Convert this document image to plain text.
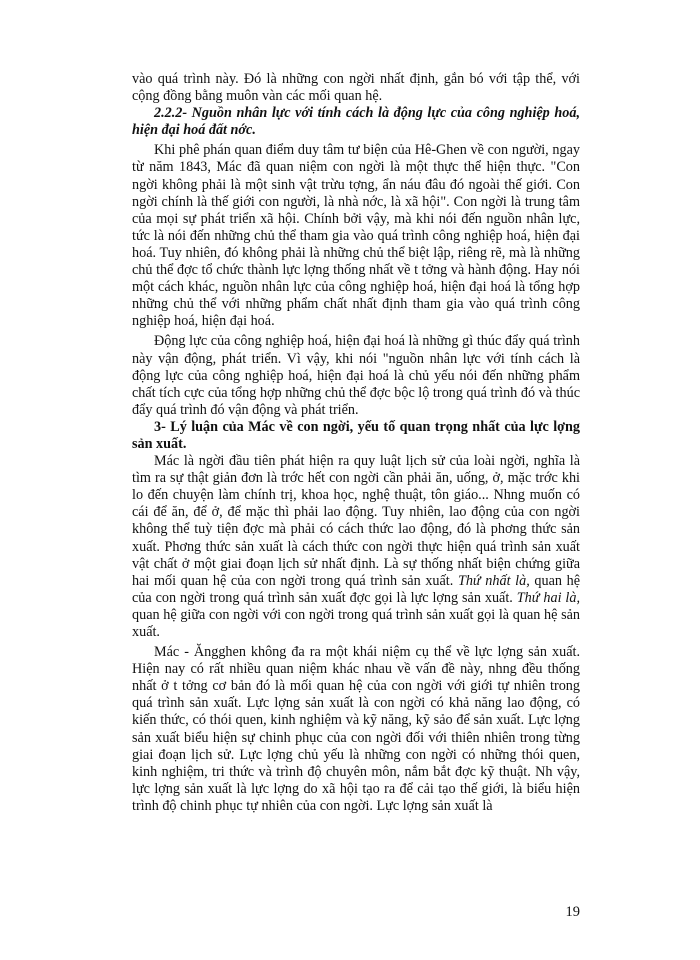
vào quá trình này. Đó là những con ngời nhất định, gắn bó với tập thể, với cộng đồng bằng muôn vàn các mối quan hệ.

2.2.2- Nguồn nhân lực với tính cách là động lực của công nghiệp hoá, hiện đại hoá đất nớc.

Khi phê phán quan điểm duy tâm tư biện của Hê-Ghen về con người, ngay từ năm 1843, Mác đã quan niệm con ngời là một thực thể hiện thực. "Con ngời không phải là một sinh vật trừu tợng, ẩn náu đâu đó ngoài thế giới. Con ngời chính là thế giới con người, là nhà nớc, là xã hội". Con ngời là trung tâm của mọi sự phát triển xã hội. Chính bởi vậy, mà khi nói đến nguồn nhân lực, tức là nói đến những chủ thể tham gia vào quá trình công nghiệp hoá, hiện đại hoá. Tuy nhiên, đó không phải là những chủ thể biệt lập, riêng rẽ, mà là những chủ thể đợc tổ chức thành lực lợng thống nhất về t tởng và hành động. Hay nói một cách khác, nguồn nhân lực của công nghiệp hoá, hiện đại hoá là tổng hợp những chủ thể với những phẩm chất nhất định tham gia vào quá trình công nghiệp hoá, hiện đại hoá.

Động lực của công nghiệp hoá, hiện đại hoá là những gì thúc đẩy quá trình này vận động, phát triển. Vì vậy, khi nói "nguồn nhân lực với tính cách là động lực của công nghiệp hoá, hiện đại hoá là chủ yếu nói đến những phẩm chất tích cực của tổng hợp những chủ thể đợc bộc lộ trong quá trình đó và thúc đẩy quá trình đó vận động và phát triển.

3- Lý luận của Mác về con ngời, yếu tố quan trọng nhất của lực lợng sản xuất.

Mác là ngời đầu tiên phát hiện ra quy luật lịch sử của loài ngời, nghĩa là tìm ra sự thật giản đơn là trớc hết con ngời cần phải ăn, uống, ở, mặc trớc khi lo đến chuyện làm chính trị, khoa học, nghệ thuật, tôn giáo... Nhng muốn có cái để ăn, để ở, để mặc thì phải lao động. Tuy nhiên, lao động của con ngời không thể tuỳ tiện đợc mà phải có cách thức lao động, đó là phơng thức sản xuất. Phơng thức sản xuất là cách thức con ngời thực hiện quá trình sản xuất vật chất ở một giai đoạn lịch sử nhất định. Là sự thống nhất biện chứng giữa hai mối quan hệ của con ngời trong quá trình sản xuất. Thứ nhất là, quan hệ của con ngời trong quá trình sản xuất đợc gọi là lực lợng sản xuất. Thứ hai là, quan hệ giữa con ngời với con ngời trong quá trình sản xuất gọi là quan hệ sản xuất.

Mác - Ăngghen không đa ra một khái niệm cụ thể về lực lợng sản xuất. Hiện nay có rất nhiều quan niệm khác nhau về vấn đề này, nhng đều thống nhất ở t tởng cơ bản đó là mối quan hệ của con ngời với giới tự nhiên trong quá trình sản xuất. Lực lợng sản xuất là con ngời có khả năng lao động, có kiến thức, có thói quen, kinh nghiệm và kỹ năng, kỹ sảo để sản xuất. Lực lợng sản xuất biểu hiện sự chinh phục của con ngời đối với thiên nhiên trong từng giai đoạn lịch sử. Lực lợng chủ yếu là những con ngời có những thói quen, kinh nghiệm, tri thức và trình độ chuyên môn, nắm bắt đợc kỹ thuật. Nh vậy, lực lợng sản xuất là lực lợng do xã hội tạo ra để cải tạo thế giới, là biểu hiện trình độ chinh phục tự nhiên của con ngời. Lực lợng sản xuất là

19
